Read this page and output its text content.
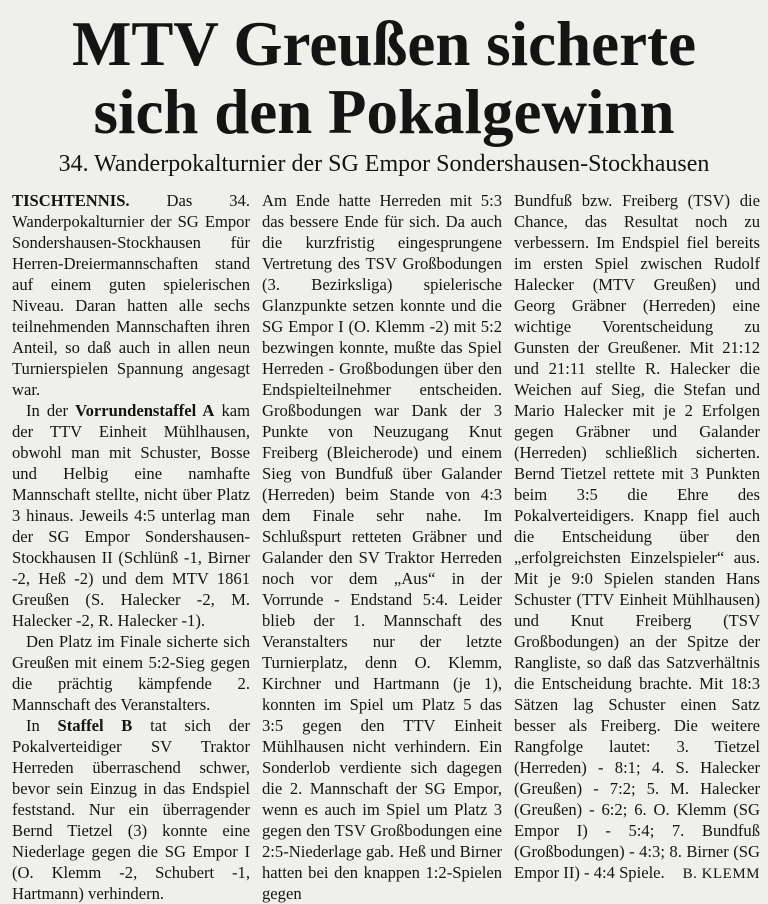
MTV Greußen sicherte
sich den Pokalgewinn
34. Wanderpokalturnier der SG Empor Sondershausen-Stockhausen

TISCHTENNIS. Das 34. Wanderpokalturnier der SG Empor Sondershausen-Stockhausen für Herren-Dreiermannschaften stand auf einem guten spielerischen Niveau. Daran hatten alle sechs teilnehmenden Mannschaften ihren Anteil, so daß auch in allen neun Turnierspielen Spannung angesagt war.

In der Vorrundenstaffel A kam der TTV Einheit Mühlhausen, obwohl man mit Schuster, Bosse und Helbig eine namhafte Mannschaft stellte, nicht über Platz 3 hinaus. Jeweils 4:5 unterlag man der SG Empor Sondershausen-Stockhausen II (Schlünß -1, Birner -2, Heß -2) und dem MTV 1861 Greußen (S. Halecker -2, M. Halecker -2, R. Halecker -1).

Den Platz im Finale sicherte sich Greußen mit einem 5:2-Sieg gegen die prächtig kämpfende 2. Mannschaft des Veranstalters.

In Staffel B tat sich der Pokalverteidiger SV Traktor Herreden überraschend schwer, bevor sein Einzug in das Endspiel feststand. Nur ein überragender Bernd Tietzel (3) konnte eine Niederlage gegen die SG Empor I (O. Klemm -2, Schubert -1, Hartmann) verhindern.

Am Ende hatte Herreden mit 5:3 das bessere Ende für sich. Da auch die kurzfristig eingesprungene Vertretung des TSV Großbodungen (3. Bezirksliga) spielerische Glanzpunkte setzen konnte und die SG Empor I (O. Klemm -2) mit 5:2 bezwingen konnte, mußte das Spiel Herreden - Großbodungen über den Endspielteilnehmer entscheiden. Großbodungen war Dank der 3 Punkte von Neuzugang Knut Freiberg (Bleicherode) und einem Sieg von Bundfuß über Galander (Herreden) beim Stande von 4:3 dem Finale sehr nahe. Im Schlußspurt retteten Gräbner und Galander den SV Traktor Herreden noch vor dem „Aus“ in der Vorrunde - Endstand 5:4. Leider blieb der 1. Mannschaft des Veranstalters nur der letzte Turnierplatz, denn O. Klemm, Kirchner und Hartmann (je 1), konnten im Spiel um Platz 5 das 3:5 gegen den TTV Einheit Mühlhausen nicht verhindern. Ein Sonderlob verdiente sich dagegen die 2. Mannschaft der SG Empor, wenn es auch im Spiel um Platz 3 gegen den TSV Großbodungen eine 2:5-Niederlage gab. Heß und Birner hatten bei den knappen 1:2-Spielen gegen

Bundfuß bzw. Freiberg (TSV) die Chance, das Resultat noch zu verbessern. Im Endspiel fiel bereits im ersten Spiel zwischen Rudolf Halecker (MTV Greußen) und Georg Gräbner (Herreden) eine wichtige Vorentscheidung zu Gunsten der Greußener. Mit 21:12 und 21:11 stellte R. Halecker die Weichen auf Sieg, die Stefan und Mario Halecker mit je 2 Erfolgen gegen Gräbner und Galander (Herreden) schließlich sicherten. Bernd Tietzel rettete mit 3 Punkten beim 3:5 die Ehre des Pokalverteidigers. Knapp fiel auch die Entscheidung über den „erfolgreichsten Einzelspieler“ aus. Mit je 9:0 Spielen standen Hans Schuster (TTV Einheit Mühlhausen) und Knut Freiberg (TSV Großbodungen) an der Spitze der Rangliste, so daß das Satzverhältnis die Entscheidung brachte. Mit 18:3 Sätzen lag Schuster einen Satz besser als Freiberg. Die weitere Rangfolge lautet: 3. Tietzel (Herreden) - 8:1; 4. S. Halecker (Greußen) - 7:2; 5. M. Halecker (Greußen) - 6:2; 6. O. Klemm (SG Empor I) - 5:4; 7. Bundfuß (Großbodungen) - 4:3; 8. Birner (SG Empor II) - 4:4 Spiele.	B. KLEMM
